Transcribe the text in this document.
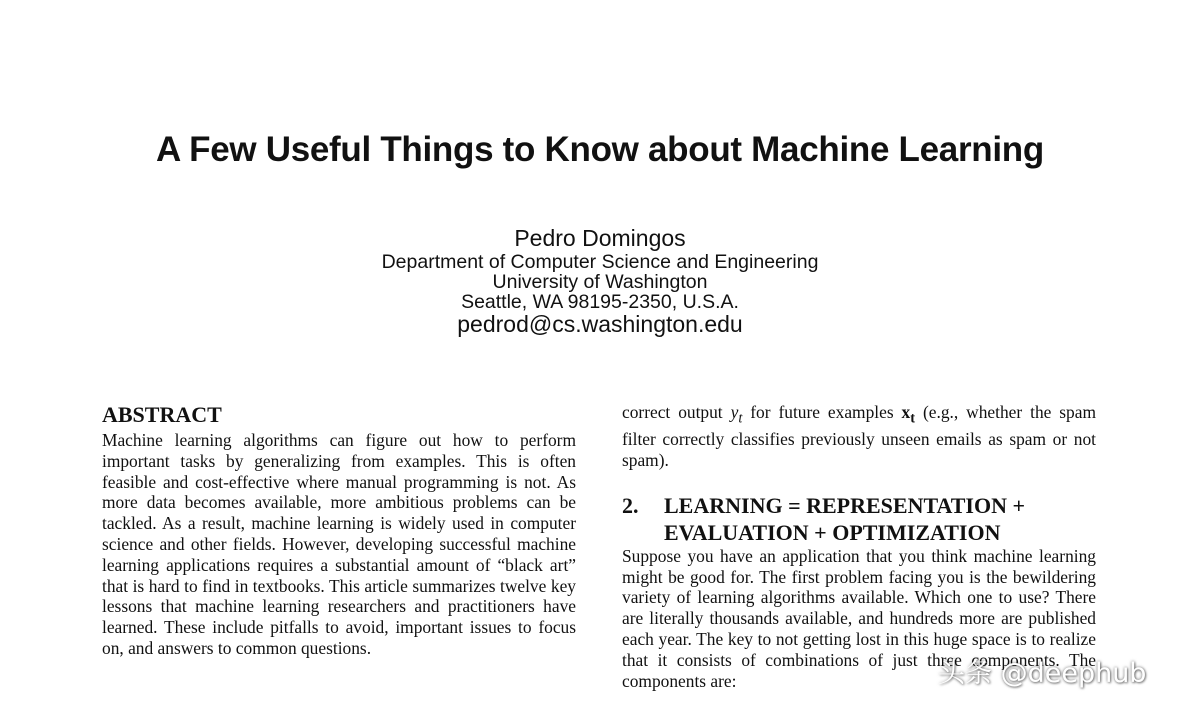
A Few Useful Things to Know about Machine Learning
Pedro Domingos
Department of Computer Science and Engineering
University of Washington
Seattle, WA 98195-2350, U.S.A.
pedrod@cs.washington.edu
ABSTRACT

Machine learning algorithms can figure out how to perform important tasks by generalizing from examples. This is often feasible and cost-effective where manual programming is not. As more data becomes available, more ambitious problems can be tackled. As a result, machine learning is widely used in computer science and other fields. However, developing successful machine learning applications requires a substantial amount of “black art” that is hard to find in textbooks. This article summarizes twelve key lessons that machine learning researchers and practitioners have learned. These include pitfalls to avoid, important issues to focus on, and answers to common questions.

correct output $y_t$ for future examples $x_t$ (e.g., whether the spam filter correctly classifies previously unseen emails as spam or not spam).

2.	LEARNING = REPRESENTATION + EVALUATION + OPTIMIZATION

Suppose you have an application that you think machine learning might be good for. The first problem facing you is the bewildering variety of learning algorithms available. Which one to use? There are literally thousands available, and hundreds more are published each year. The key to not getting lost in this huge space is to realize that it consists of combinations of just three components. The components are:	头条 @deephub
